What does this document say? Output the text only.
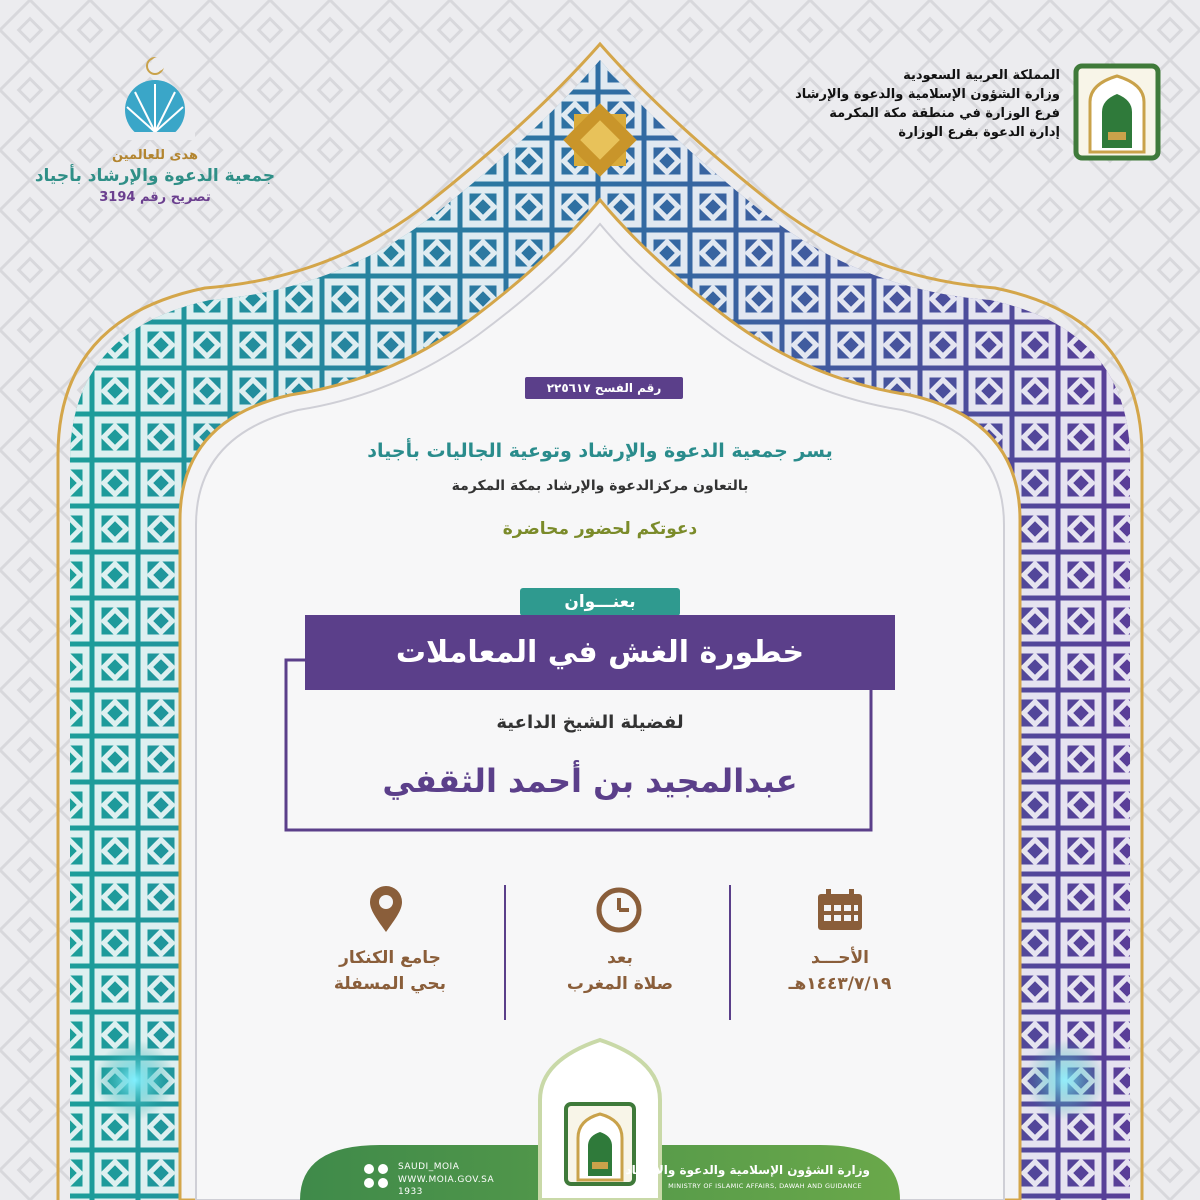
المملكة العربية السعودية
وزارة الشؤون الإسلامية والدعوة والإرشاد
فرع الوزارة في منطقة مكة المكرمة
إدارة الدعوة بفرع الوزارة
هدى للعالمين
جمعية الدعوة والإرشاد بأجياد
تصريح رقم 3194
رقم الفسح ٢٢٥٦١٧
يسر جمعية الدعوة والإرشاد وتوعية الجاليات بأجياد
بالتعاون مركزالدعوة والإرشاد بمكة المكرمة
دعوتكم لحضور محاضرة
بعنـــوان
خطورة الغش في المعاملات
لفضيلة الشيخ الداعية
عبدالمجيد بن أحمد الثقفي
الأحـــد
١٤٤٣/٧/١٩هـ
بعد
صلاة المغرب
جامع الكنكار
بحي المسفلة
SAUDI_MOIA
WWW.MOIA.GOV.SA
1933
وزارة الشؤون الإسلامية والدعوة والإرشاد
MINISTRY OF ISLAMIC AFFAIRS, DAWAH AND GUIDANCE
